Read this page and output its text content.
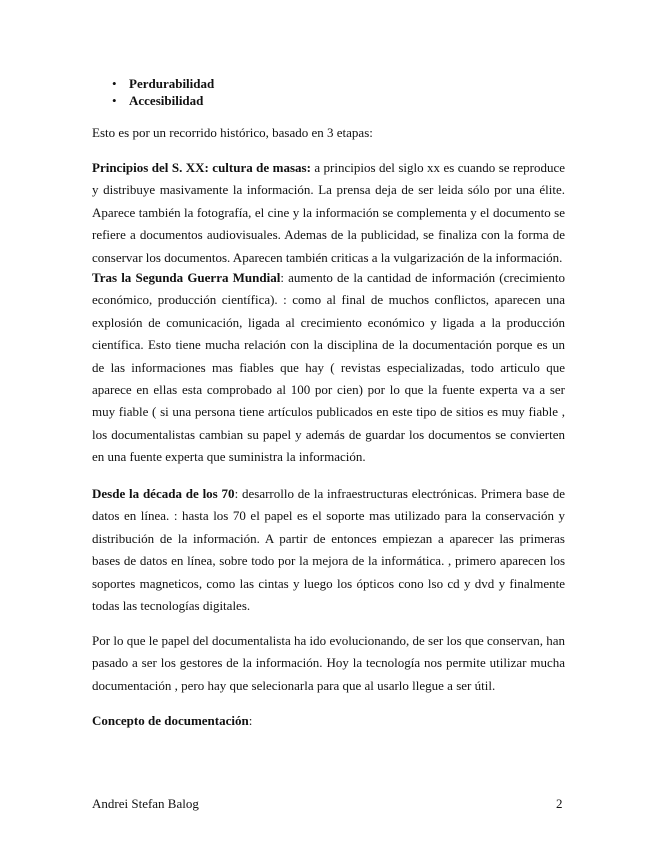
• Perdurabilidad
• Accesibilidad

Esto es por un recorrido histórico, basado en 3 etapas:

Principios del S. XX: cultura de masas: a principios del siglo xx es cuando se reproduce y distribuye masivamente la información. La prensa deja de ser leida sólo por una élite. Aparece también la fotografía, el cine y la información se complementa y el documento se refiere a documentos audiovisuales. Ademas de la publicidad, se finaliza con la forma de conservar los documentos. Aparecen también criticas a la vulgarización de la información.

Tras la Segunda Guerra Mundial: aumento de la cantidad de información (crecimiento económico, producción científica). : como al final de muchos conflictos, aparecen una explosión de comunicación, ligada al crecimiento económico y ligada a la producción científica. Esto tiene mucha relación con la disciplina de la documentación porque es un de las informaciones mas fiables que hay ( revistas especializadas, todo articulo que aparece en ellas esta comprobado al 100 por cien) por lo que la fuente experta va a ser muy fiable ( si una persona tiene artículos publicados en este tipo de sitios es muy fiable , los documentalistas cambian su papel y además de guardar los documentos se convierten en una fuente experta que suministra la información.

Desde la década de los 70: desarrollo de la infraestructuras electrónicas. Primera base de datos en línea. : hasta los 70 el papel es el soporte mas utilizado para la conservación y distribución de la información. A partir de entonces empiezan a aparecer las primeras bases de datos en línea, sobre todo por la mejora de la informática. , primero aparecen los soportes magneticos, como las cintas y luego los ópticos cono lso cd y dvd y finalmente todas las tecnologías digitales.

Por lo que le papel del documentalista ha ido evolucionando, de ser los que conservan, han pasado a ser los gestores de la información. Hoy la tecnología nos permite utilizar mucha documentación , pero hay que selecionarla para que al usarlo llegue a ser útil.

Concepto de documentación:

Andrei Stefan Balog	2
